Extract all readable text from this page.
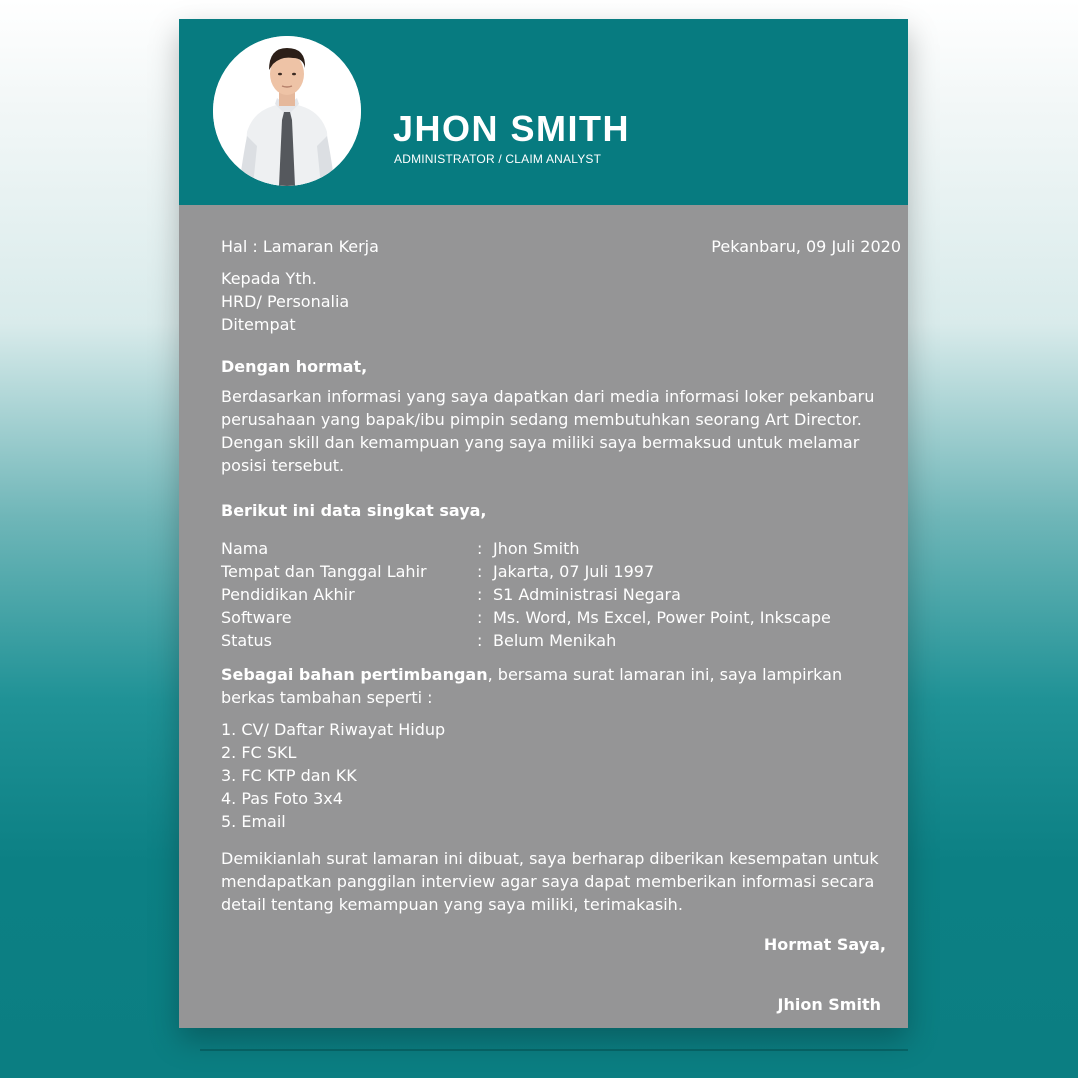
JHON SMITH
ADMINISTRATOR / CLAIM ANALYST
Hal : Lamaran Kerja	Pekanbaru, 09 Juli 2020
Kepada Yth.
HRD/ Personalia
Ditempat
Dengan hormat,
Berdasarkan informasi yang saya dapatkan dari media informasi loker pekanbaru perusahaan yang bapak/ibu pimpin sedang membutuhkan seorang Art Director. Dengan skill dan kemampuan yang saya miliki saya bermaksud untuk melamar posisi tersebut.
Berikut ini data singkat saya,
Nama	: Jhon Smith
Tempat dan Tanggal Lahir	: Jakarta, 07 Juli 1997
Pendidikan Akhir	: S1 Administrasi Negara
Software	: Ms. Word, Ms Excel, Power Point, Inkscape
Status	: Belum Menikah
Sebagai bahan pertimbangan, bersama surat lamaran ini, saya lampirkan berkas tambahan seperti :
1. CV/ Daftar Riwayat Hidup
2. FC SKL
3. FC KTP dan KK
4. Pas Foto 3x4
5. Email
Demikianlah surat lamaran ini dibuat, saya berharap diberikan kesempatan untuk mendapatkan panggilan interview agar saya dapat memberikan informasi secara detail tentang kemampuan yang saya miliki, terimakasih.
Hormat Saya,
Jhion Smith
